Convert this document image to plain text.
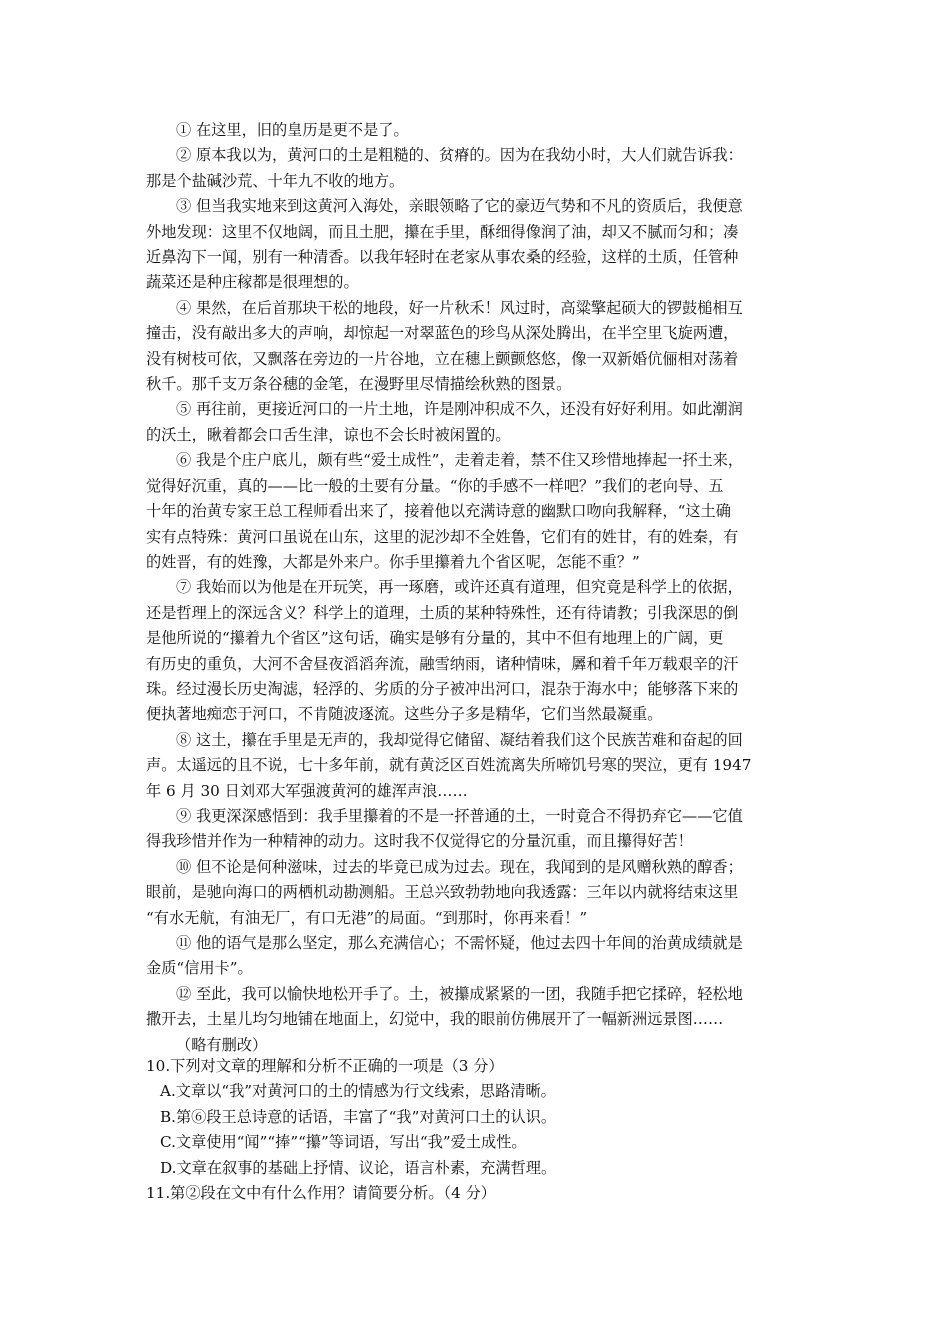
① 在这里，旧的皇历是更不是了。
② 原本我以为，黄河口的土是粗糙的、贫瘠的。因为在我幼小时，大人们就告诉我：
那是个盐碱沙荒、十年九不收的地方。
③ 但当我实地来到这黄河入海处，亲眼领略了它的豪迈气势和不凡的资质后，我便意
外地发现：这里不仅地阔，而且土肥，攥在手里，酥细得像润了油，却又不腻而匀和；凑
近鼻沟下一闻，别有一种清香。以我年轻时在老家从事农桑的经验，这样的土质，任管种
蔬菜还是种庄稼都是很理想的。
④ 果然，在后首那块干松的地段，好一片秋禾！风过时，高粱擎起硕大的锣鼓槌相互
撞击，没有敲出多大的声响，却惊起一对翠蓝色的珍鸟从深处腾出，在半空里飞旋两遭，
没有树枝可依，又飘落在旁边的一片谷地，立在穗上颤颤悠悠，像一双新婚伉俪相对荡着
秋千。那千支万条谷穗的金笔，在漫野里尽情描绘秋熟的图景。
⑤ 再往前，更接近河口的一片土地，许是刚冲积成不久，还没有好好利用。如此潮润
的沃土，瞅着都会口舌生津，谅也不会长时被闲置的。
⑥ 我是个庄户底儿，颇有些“爱土成性”，走着走着，禁不住又珍惜地捧起一抔土来，
觉得好沉重，真的——比一般的土要有分量。“你的手感不一样吧？”我们的老向导、五
十年的治黄专家王总工程师看出来了，接着他以充满诗意的幽默口吻向我解释，“这土确
实有点特殊：黄河口虽说在山东，这里的泥沙却不全姓鲁，它们有的姓甘，有的姓秦，有
的姓晋，有的姓豫，大都是外来户。你手里攥着九个省区呢，怎能不重？”
⑦ 我始而以为他是在开玩笑，再一琢磨，或许还真有道理，但究竟是科学上的依据，
还是哲理上的深远含义？科学上的道理，土质的某种特殊性，还有待请教；引我深思的倒
是他所说的“攥着九个省区”这句话，确实是够有分量的，其中不但有地理上的广阔，更
有历史的重负，大河不舍昼夜滔滔奔流，融雪纳雨，诸种情味，羼和着千年万载艰辛的汗
珠。经过漫长历史淘滤，轻浮的、劣质的分子被冲出河口，混杂于海水中；能够落下来的
便执著地痴恋于河口，不肯随波逐流。这些分子多是精华，它们当然最凝重。
⑧ 这土，攥在手里是无声的，我却觉得它储留、凝结着我们这个民族苦难和奋起的回
声。太遥远的且不说，七十多年前，就有黄泛区百姓流离失所啼饥号寒的哭泣，更有 1947
年 6 月 30 日刘邓大军强渡黄河的雄浑声浪……
⑨ 我更深深感悟到：我手里攥着的不是一抔普通的土，一时竟合不得扔弃它——它值
得我珍惜并作为一种精神的动力。这时我不仅觉得它的分量沉重，而且攥得好苦！
⑩ 但不论是何种滋味，过去的毕竟已成为过去。现在，我闻到的是风赠秋熟的醇香；
眼前，是驰向海口的两栖机动勘测船。王总兴致勃勃地向我透露：三年以内就将结束这里
“有水无航，有油无厂，有口无港”的局面。“到那时，你再来看！”
⑪ 他的语气是那么坚定，那么充满信心；不需怀疑，他过去四十年间的治黄成绩就是
金质“信用卡”。
⑫ 至此，我可以愉快地松开手了。土，被攥成紧紧的一团，我随手把它揉碎，轻松地
撒开去，土星儿均匀地铺在地面上，幻觉中，我的眼前仿佛展开了一幅新洲远景图……
（略有删改）
10.下列对文章的理解和分析不正确的一项是（3 分）
A.文章以“我”对黄河口的土的情感为行文线索，思路清晰。
B.第⑥段王总诗意的话语，丰富了“我”对黄河口土的认识。
C.文章使用“闻”“捧”“攥”等词语，写出“我”爱土成性。
D.文章在叙事的基础上抒情、议论，语言朴素，充满哲理。
11.第②段在文中有什么作用？请简要分析。（4 分）
